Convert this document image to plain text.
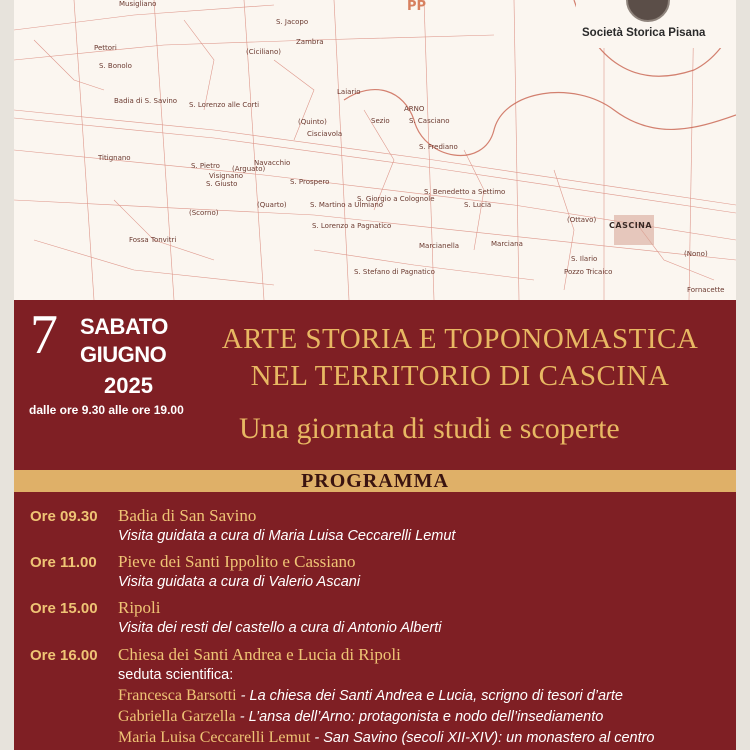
Musigliano
S. Jacopo
Zambra
Pettori	(Ciciliano)
S. Bonolo
PP
Badia di S. Savino S. Lorenzo alle Corti
Laiario
ARNO
(Quinto)
Cisciavola
Sezio	S. Casciano
Titignano
S. Frediano
Navacchio
(Arguato)
S. Pietro
Visignano
S. Giusto	S. Prospero
S. Benedetto a Settimo
S. Lucia
(Scorno)
(Quarto)	S. Martino a Ulmiano
S. Giorgio a Colognole
(Ottavo)
CASCINA
(Nono)
Fossa Tonvitri
S. Lorenzo a Pagnatico
Marcianella	Marciana
S. Ilario
S. Stefano di Pagnatico	Pozzo Tricaico
Fornacette
Società Storica Pisana
7 SABATO
GIUGNO
2025
dalle ore 9.30 alle ore 19.00
ARTE STORIA E TOPONOMASTICA
NEL TERRITORIO DI CASCINA
Una giornata di studi e scoperte
PROGRAMMA
Ore 09.30 Badia di San Savino
Visita guidata a cura di Maria Luisa Ceccarelli Lemut
Ore 11.00 Pieve dei Santi Ippolito e Cassiano
Visita guidata a cura di Valerio Ascani
Ore 15.00 Ripoli
Visita dei resti del castello a cura di Antonio Alberti
Ore 16.00 Chiesa dei Santi Andrea e Lucia di Ripoli
seduta scientifica:
Francesca Barsotti - La chiesa dei Santi Andrea e Lucia, scrigno di tesori d’arte
Gabriella Garzella - L’ansa dell’Arno: protagonista e nodo dell’insediamento
Maria Luisa Ceccarelli Lemut - San Savino (secoli XII-XIV): un monastero al centro
